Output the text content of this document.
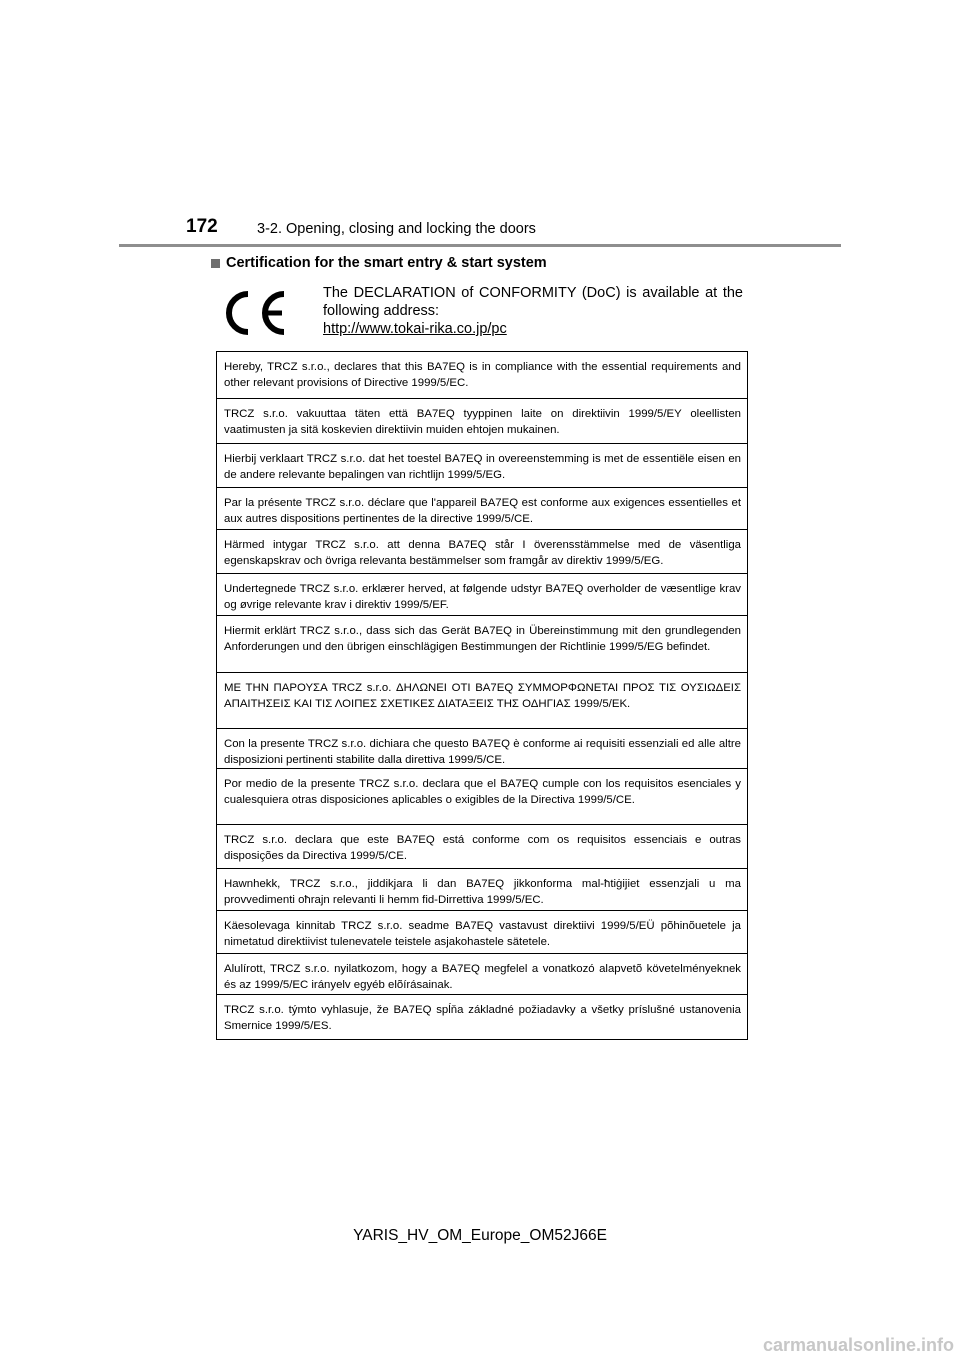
172	3-2. Opening, closing and locking the doors
Certification for the smart entry & start system
The DECLARATION of CONFORMITY (DoC) is available at the following address:
http://www.tokai-rika.co.jp/pc
Hereby, TRCZ s.r.o., declares that this BA7EQ is in compliance with the essential requirements and other relevant provisions of Directive 1999/5/EC.
TRCZ s.r.o. vakuuttaa täten että BA7EQ tyyppinen laite on direktiivin 1999/5/EY oleellisten vaatimusten ja sitä koskevien direktiivin muiden ehtojen mukainen.
Hierbij verklaart TRCZ s.r.o. dat het toestel BA7EQ in overeenstemming is met de essentiële eisen en de andere relevante bepalingen van richtlijn 1999/5/EG.
Par la présente TRCZ s.r.o. déclare que l'appareil BA7EQ est conforme aux exigences essentielles et aux autres dispositions pertinentes de la directive 1999/5/CE.
Härmed intygar TRCZ s.r.o. att denna BA7EQ står I överensstämmelse med de väsentliga egenskapskrav och övriga relevanta bestämmelser som framgår av direktiv 1999/5/EG.
Undertegnede TRCZ s.r.o. erklærer herved, at følgende udstyr BA7EQ overholder de væsentlige krav og øvrige relevante krav i direktiv 1999/5/EF.
Hiermit erklärt TRCZ s.r.o., dass sich das Gerät BA7EQ in Übereinstimmung mit den grundlegenden Anforderungen und den übrigen einschlägigen Bestimmungen der Richtlinie 1999/5/EG befindet.
ΜΕ ΤΗΝ ΠΑΡΟΥΣΑ TRCZ s.r.o. ΔΗΛΩΝΕΙ ΟΤΙ BA7EQ ΣΥΜΜΟΡΦΩΝΕΤΑΙ ΠΡΟΣ ΤΙΣ ΟΥΣΙΩΔΕΙΣ ΑΠΑΙΤΗΣΕΙΣ ΚΑΙ ΤΙΣ ΛΟΙΠΕΣ ΣΧΕΤΙΚΕΣ ΔΙΑΤΑΞΕΙΣ ΤΗΣ ΟΔΗΓΙΑΣ 1999/5/ΕΚ.
Con la presente TRCZ s.r.o. dichiara che questo BA7EQ è conforme ai requisiti essenziali ed alle altre disposizioni pertinenti stabilite dalla direttiva 1999/5/CE.
Por medio de la presente TRCZ s.r.o. declara que el BA7EQ cumple con los requisitos esenciales y cualesquiera otras disposiciones aplicables o exigibles de la Directiva 1999/5/CE.
TRCZ s.r.o. declara que este BA7EQ está conforme com os requisitos essenciais e outras disposições da Directiva 1999/5/CE.
Hawnhekk, TRCZ s.r.o., jiddikjara li dan BA7EQ jikkonforma mal-ħtiġijiet essenzjali u ma provvedimenti oħrajn relevanti li hemm fid-Dirrettiva 1999/5/EC.
Käesolevaga kinnitab TRCZ s.r.o. seadme BA7EQ vastavust direktiivi 1999/5/EÜ põhinõuetele ja nimetatud direktiivist tulenevatele teistele asjakohastele sätetele.
Alulírott, TRCZ s.r.o. nyilatkozom, hogy a BA7EQ megfelel a vonatkozó alapvetõ követelményeknek és az 1999/5/EC irányelv egyéb elõírásainak.
TRCZ s.r.o. týmto vyhlasuje, že BA7EQ spĺňa základné požiadavky a všetky príslušné ustanovenia Smernice 1999/5/ES.
YARIS_HV_OM_Europe_OM52J66E
carmanualsonline.info
